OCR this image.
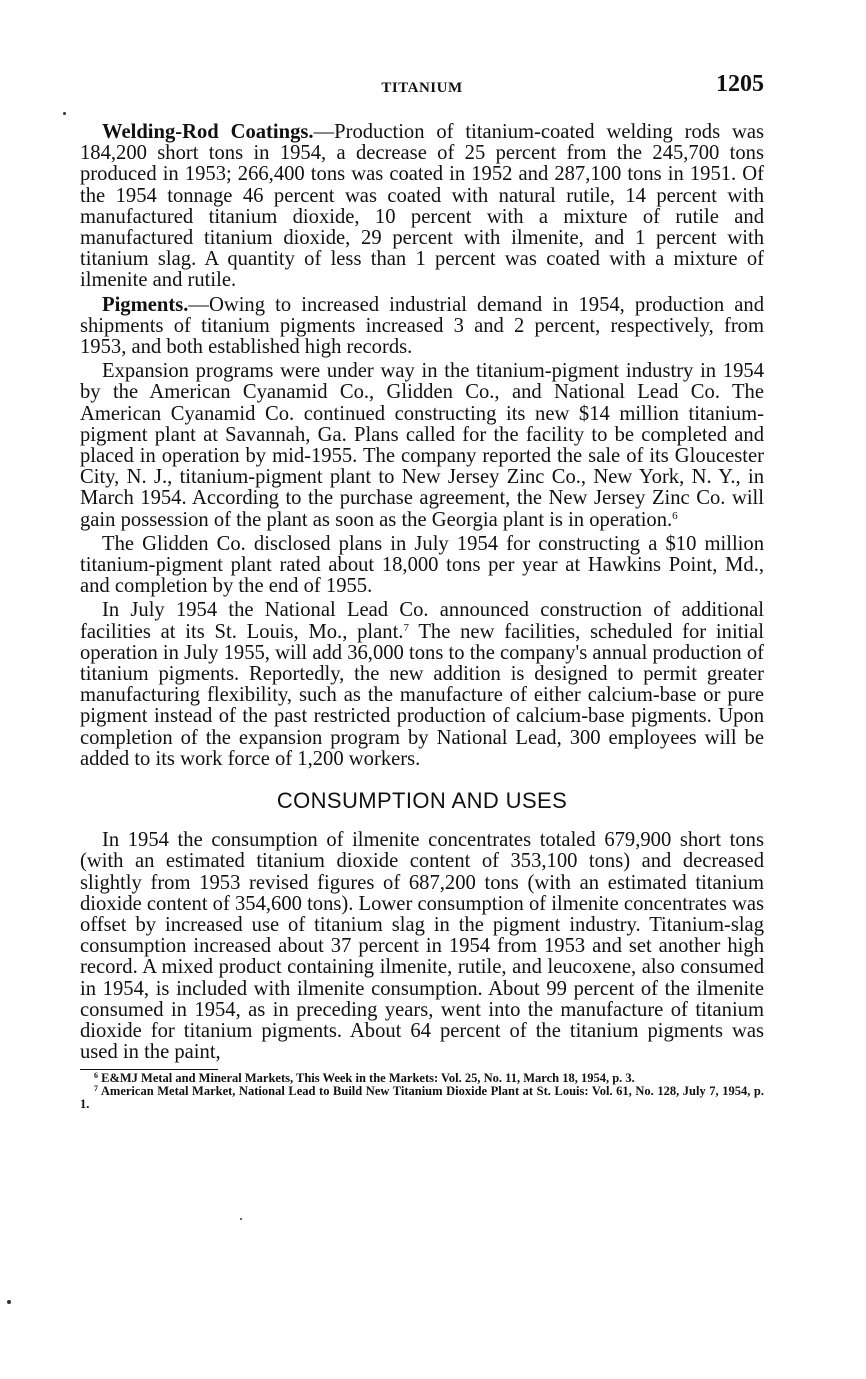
TITANIUM	1205

Welding-Rod Coatings.—Production of titanium-coated welding rods was 184,200 short tons in 1954, a decrease of 25 percent from the 245,700 tons produced in 1953; 266,400 tons was coated in 1952 and 287,100 tons in 1951. Of the 1954 tonnage 46 percent was coated with natural rutile, 14 percent with manufactured titanium dioxide, 10 percent with a mixture of rutile and manufactured titanium dioxide, 29 percent with ilmenite, and 1 percent with titanium slag. A quantity of less than 1 percent was coated with a mixture of ilmenite and rutile.

Pigments.—Owing to increased industrial demand in 1954, production and shipments of titanium pigments increased 3 and 2 percent, respectively, from 1953, and both established high records.

Expansion programs were under way in the titanium-pigment industry in 1954 by the American Cyanamid Co., Glidden Co., and National Lead Co. The American Cyanamid Co. continued constructing its new $14 million titanium-pigment plant at Savannah, Ga. Plans called for the facility to be completed and placed in operation by mid-1955. The company reported the sale of its Gloucester City, N. J., titanium-pigment plant to New Jersey Zinc Co., New York, N. Y., in March 1954. According to the purchase agreement, the New Jersey Zinc Co. will gain possession of the plant as soon as the Georgia plant is in operation.$^6$

The Glidden Co. disclosed plans in July 1954 for constructing a $10 million titanium-pigment plant rated about 18,000 tons per year at Hawkins Point, Md., and completion by the end of 1955.

In July 1954 the National Lead Co. announced construction of additional facilities at its St. Louis, Mo., plant.$^7$ The new facilities, scheduled for initial operation in July 1955, will add 36,000 tons to the company's annual production of titanium pigments. Reportedly, the new addition is designed to permit greater manufacturing flexibility, such as the manufacture of either calcium-base or pure pigment instead of the past restricted production of calcium-base pigments. Upon completion of the expansion program by National Lead, 300 employees will be added to its work force of 1,200 workers.

CONSUMPTION AND USES

In 1954 the consumption of ilmenite concentrates totaled 679,900 short tons (with an estimated titanium dioxide content of 353,100 tons) and decreased slightly from 1953 revised figures of 687,200 tons (with an estimated titanium dioxide content of 354,600 tons). Lower consumption of ilmenite concentrates was offset by increased use of titanium slag in the pigment industry. Titanium-slag consumption increased about 37 percent in 1954 from 1953 and set another high record. A mixed product containing ilmenite, rutile, and leucoxene, also consumed in 1954, is included with ilmenite consumption. About 99 percent of the ilmenite consumed in 1954, as in preceding years, went into the manufacture of titanium dioxide for titanium pigments. About 64 percent of the titanium pigments was used in the paint,

$^6$ E&MJ Metal and Mineral Markets, This Week in the Markets: Vol. 25, No. 11, March 18, 1954, p. 3.
$^7$ American Metal Market, National Lead to Build New Titanium Dioxide Plant at St. Louis: Vol. 61, No. 128, July 7, 1954, p. 1.
